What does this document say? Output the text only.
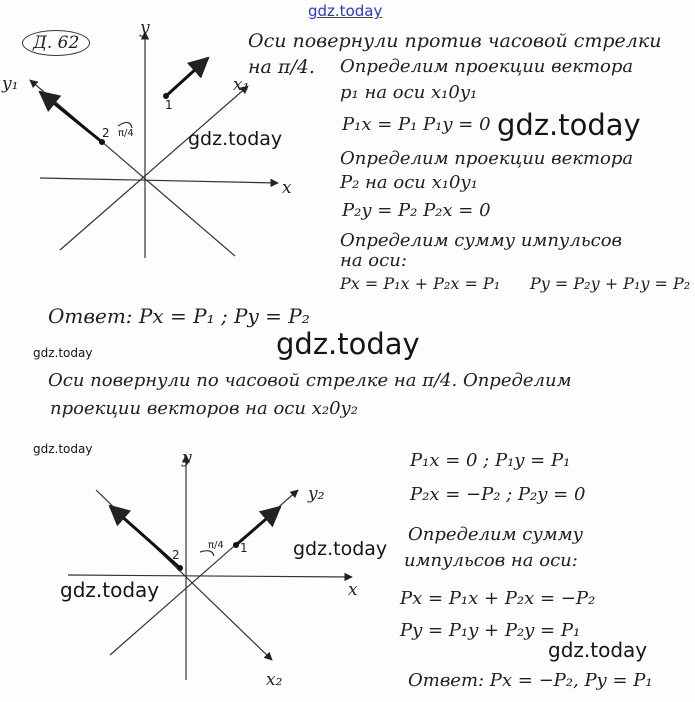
gdz.today
Д. 62
y
y₁	x₁
x
1
2 π/4
y
y₂
x
x₂
1
2
π/4
Оси повернули против часовой стрелки
на π/4. Определим проекции вектора
p₁ на оси x₁0y₁
P₁x = P₁ P₁y = 0
Определим проекции вектора
P₂ на оси x₁0y₁
P₂y = P₂ P₂x = 0
Определим сумму импульсов
на оси:
Px = P₁x + P₂x = P₁ Py = P₂y + P₁y = P₂
Ответ: Px = P₁ ; Py = P₂
Оси повернули по часовой стрелке на π/4. Определим
проекции векторов на оси x₂0y₂
P₁x = 0 ; P₁y = P₁
P₂x = −P₂ ; P₂y = 0
Определим сумму
импульсов на оси:
Px = P₁x + P₂x = −P₂
Py = P₁y + P₂y = P₁
Ответ: Px = −P₂, Py = P₁
gdz.today
gdz.today
gdz.today
gdz.today
gdz.today
gdz.today
gdz.today
gdz.today
